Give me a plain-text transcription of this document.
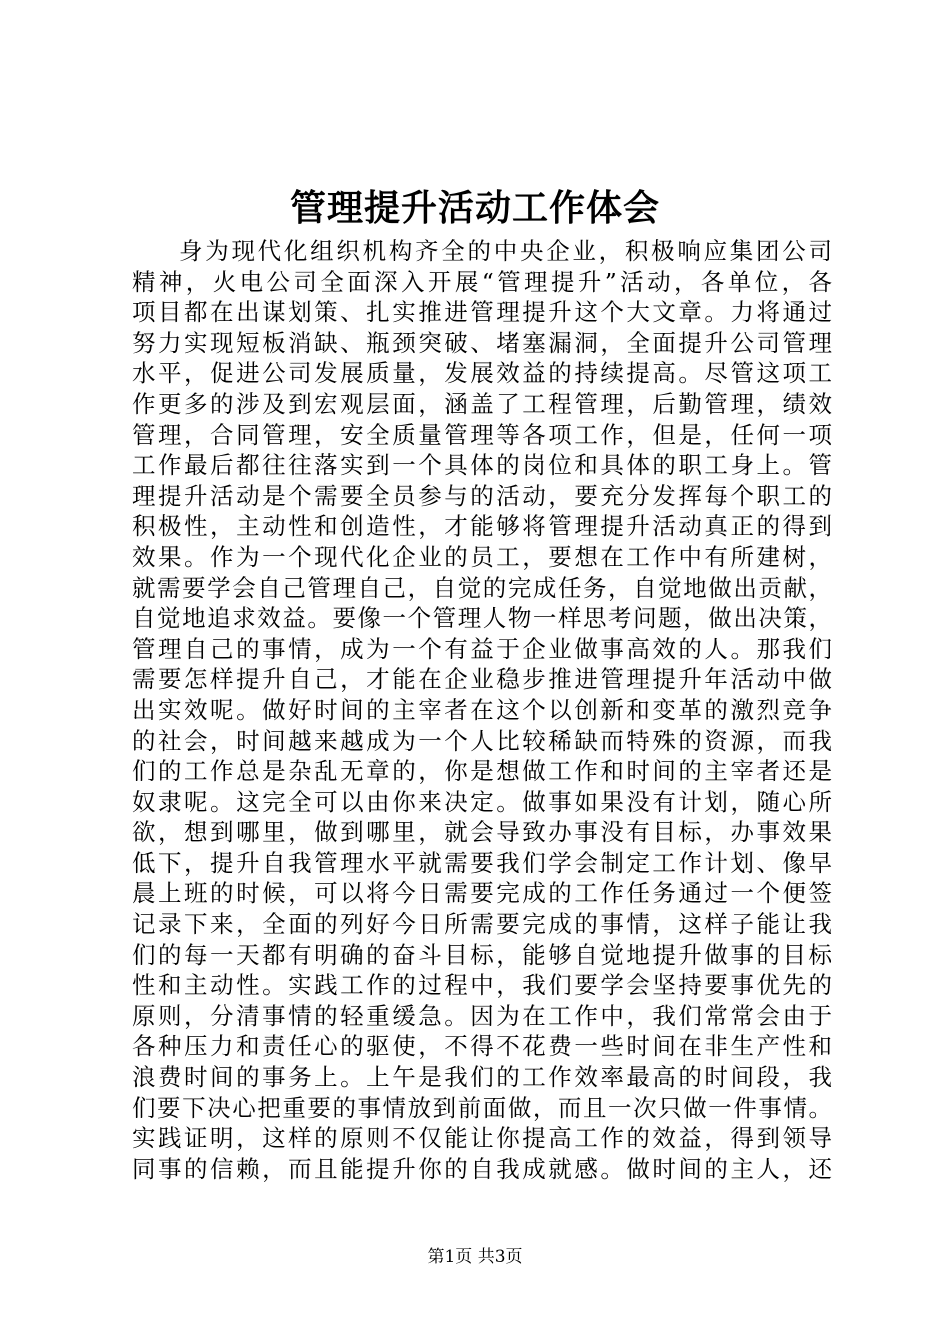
管理提升活动工作体会
身为现代化组织机构齐全的中央企业，积极响应集团公司
精神，火电公司全面深入开展“管理提升”活动，各单位，各
项目都在出谋划策、扎实推进管理提升这个大文章。力将通过
努力实现短板消缺、瓶颈突破、堵塞漏洞，全面提升公司管理
水平，促进公司发展质量，发展效益的持续提高。尽管这项工
作更多的涉及到宏观层面，涵盖了工程管理，后勤管理，绩效
管理，合同管理，安全质量管理等各项工作，但是，任何一项
工作最后都往往落实到一个具体的岗位和具体的职工身上。管
理提升活动是个需要全员参与的活动，要充分发挥每个职工的
积极性，主动性和创造性，才能够将管理提升活动真正的得到
效果。作为一个现代化企业的员工，要想在工作中有所建树，
就需要学会自己管理自己，自觉的完成任务，自觉地做出贡献，
自觉地追求效益。要像一个管理人物一样思考问题，做出决策，
管理自己的事情，成为一个有益于企业做事高效的人。那我们
需要怎样提升自己，才能在企业稳步推进管理提升年活动中做
出实效呢。做好时间的主宰者在这个以创新和变革的激烈竞争
的社会，时间越来越成为一个人比较稀缺而特殊的资源，而我
们的工作总是杂乱无章的，你是想做工作和时间的主宰者还是
奴隶呢。这完全可以由你来决定。做事如果没有计划，随心所
欲，想到哪里，做到哪里，就会导致办事没有目标，办事效果
低下，提升自我管理水平就需要我们学会制定工作计划、像早
晨上班的时候，可以将今日需要完成的工作任务通过一个便签
记录下来，全面的列好今日所需要完成的事情，这样子能让我
们的每一天都有明确的奋斗目标，能够自觉地提升做事的目标
性和主动性。实践工作的过程中，我们要学会坚持要事优先的
原则，分清事情的轻重缓急。因为在工作中，我们常常会由于
各种压力和责任心的驱使，不得不花费一些时间在非生产性和
浪费时间的事务上。上午是我们的工作效率最高的时间段，我
们要下决心把重要的事情放到前面做，而且一次只做一件事情。
实践证明，这样的原则不仅能让你提高工作的效益，得到领导
同事的信赖，而且能提升你的自我成就感。做时间的主人，还
第1页 共3页
